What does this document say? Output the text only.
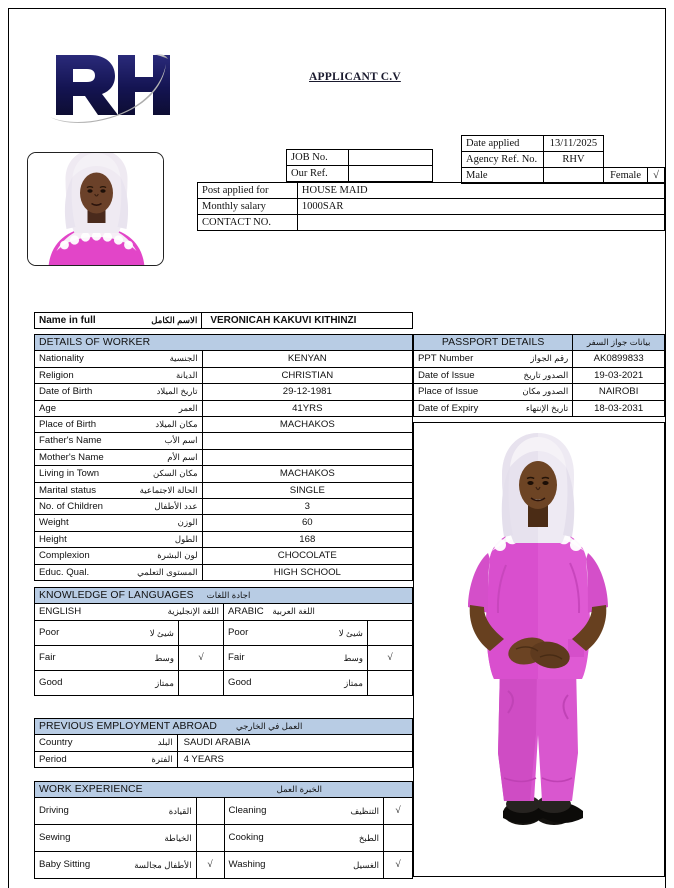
APPLICANT C.V
JOB No.	
Our Ref.	
Date applied	13/11/2025		
Agency Ref. No.	RHV		
Male		Female	√
Post applied for	HOUSE MAID
Monthly salary	1000SAR
CONTACT NO.	
Name in full	الاسم الكامل	VERONICAH KAKUVI KITHINZI
DETAILS OF WORKER	
Nationality الجنسية	KENYAN
Religion الديانة	CHRISTIAN
Date of Birth تاريخ الميلاد	29-12-1981
Age العمر	41YRS
Place of Birth مكان الميلاد	MACHAKOS
Father's Name اسم الأب	

Mother's Name اسم الأم	

Living in Town مكان السكن	MACHAKOS
Marital status الحالة الاجتماعية	SINGLE
No. of Children عدد الأطفال	3
Weight الوزن	60
Height الطول	168
Complexion لون البشرة	CHOCOLATE
Educ. Qual. المستوى التعلمي	HIGH SCHOOL
PASSPORT DETAILS	بيانات جواز السفر
PPT Number رقم الجواز	AK0899833
Date of Issue الصدور تاريخ	19-03-2021
Place of Issue الصدور مكان	NAIROBI
Date of Expiry تاريخ الإنتهاء	18-03-2031
KNOWLEDGE OF LANGUAGES اجادة اللغات			
ENGLISH اللغة الإنجليزية		ARABIC اللغة العربية	
Poor شيئ لا		Poor شيئ لا	

Fair وسط	√	Fair وسط	√
Good ممتاز		Good ممتاز	

PREVIOUS EMPLOYMENT ABROAD العمل في الخارجي	
Country البلد	SAUDI ARABIA
Period الفترة	4 YEARS
WORK EXPERIENCE الخبرة العمل			

Driving القيادة		Cleaning التنظيف	√
Sewing الخياطة		Cooking الطبخ	

Baby Sitting الأطفال مجالسة	√	Washing الغسيل	√
